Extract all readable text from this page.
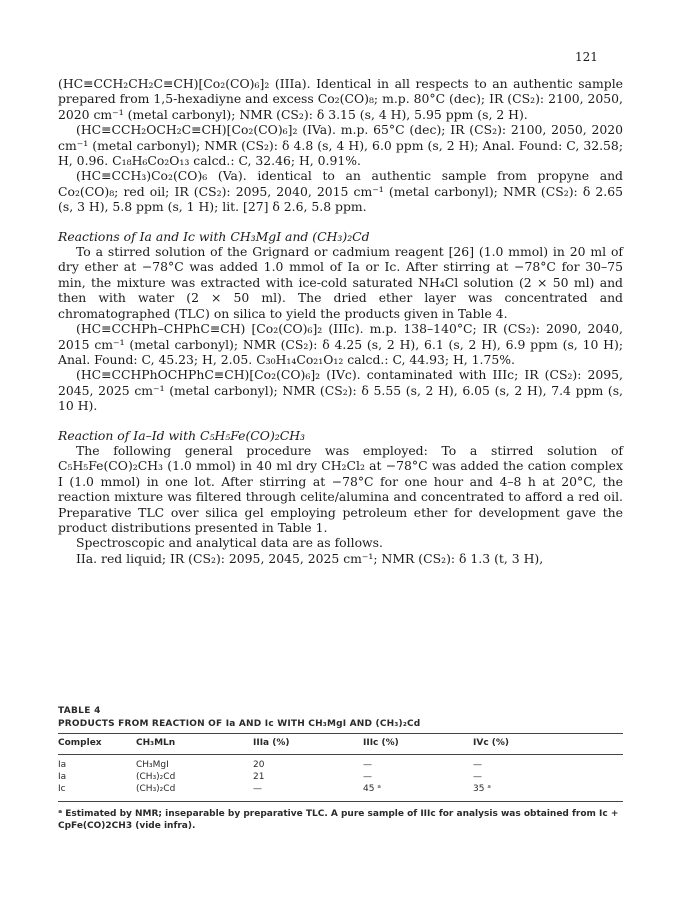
121

(HC≡CCH₂CH₂C≡CH)[Co₂(CO)₆]₂ (IIIa). Identical in all respects to an authentic sample prepared from 1,5-hexadiyne and excess Co₂(CO)₈; m.p. 80°C (dec); IR (CS₂): 2100, 2050, 2020 cm⁻¹ (metal carbonyl); NMR (CS₂): δ 3.15 (s, 4 H), 5.95 ppm (s, 2 H).

(HC≡CCH₂OCH₂C≡CH)[Co₂(CO)₆]₂ (IVa). m.p. 65°C (dec); IR (CS₂): 2100, 2050, 2020 cm⁻¹ (metal carbonyl); NMR (CS₂): δ 4.8 (s, 4 H), 6.0 ppm (s, 2 H); Anal. Found: C, 32.58; H, 0.96. C₁₈H₆Co₂O₁₃ calcd.: C, 32.46; H, 0.91%.

(HC≡CCH₃)Co₂(CO)₆ (Va). identical to an authentic sample from propyne and Co₂(CO)₈; red oil; IR (CS₂): 2095, 2040, 2015 cm⁻¹ (metal carbonyl); NMR (CS₂): δ 2.65 (s, 3 H), 5.8 ppm (s, 1 H); lit. [27] δ 2.6, 5.8 ppm.

Reactions of Ia and Ic with CH₃MgI and (CH₃)₂Cd

To a stirred solution of the Grignard or cadmium reagent [26] (1.0 mmol) in 20 ml of dry ether at −78°C was added 1.0 mmol of Ia or Ic. After stirring at −78°C for 30–75 min, the mixture was extracted with ice-cold saturated NH₄Cl solution (2 × 50 ml) and then with water (2 × 50 ml). The dried ether layer was concentrated and chromatographed (TLC) on silica to yield the products given in Table 4.

(HC≡CCHPh–CHPhC≡CH) [Co₂(CO)₆]₂ (IIIc). m.p. 138–140°C; IR (CS₂): 2090, 2040, 2015 cm⁻¹ (metal carbonyl); NMR (CS₂): δ 4.25 (s, 2 H), 6.1 (s, 2 H), 6.9 ppm (s, 10 H); Anal. Found: C, 45.23; H, 2.05. C₃₀H₁₄Co₂₁O₁₂ calcd.: C, 44.93; H, 1.75%.

(HC≡CCHPhOCHPhC≡CH)[Co₂(CO)₆]₂ (IVc). contaminated with IIIc; IR (CS₂): 2095, 2045, 2025 cm⁻¹ (metal carbonyl); NMR (CS₂): δ 5.55 (s, 2 H), 6.05 (s, 2 H), 7.4 ppm (s, 10 H).

Reaction of Ia–Id with C₅H₅Fe(CO)₂CH₃

The following general procedure was employed: To a stirred solution of C₅H₅Fe(CO)₂CH₃ (1.0 mmol) in 40 ml dry CH₂Cl₂ at −78°C was added the cation complex I (1.0 mmol) in one lot. After stirring at −78°C for one hour and 4–8 h at 20°C, the reaction mixture was filtered through celite/alumina and concentrated to afford a red oil. Preparative TLC over silica gel employing petroleum ether for development gave the product distributions presented in Table 1.

Spectroscopic and analytical data are as follows.

IIa. red liquid; IR (CS₂): 2095, 2045, 2025 cm⁻¹; NMR (CS₂): δ 1.3 (t, 3 H),

TABLE 4
PRODUCTS FROM REACTION OF Ia AND Ic WITH CH₃MgI AND (CH₃)₂Cd
Complex	CH₃MLn	IIIa (%)	IIIc (%)	IVc (%)

Ia	CH₃MgI	20	—	—
Ia	(CH₃)₂Cd	21	—	—
Ic	(CH₃)₂Cd	—	45 ᵃ	35 ᵃ

ᵃ Estimated by NMR; inseparable by preparative TLC. A pure sample of IIIc for analysis was obtained from Ic + CpFe(CO)2CH3 (vide infra).
